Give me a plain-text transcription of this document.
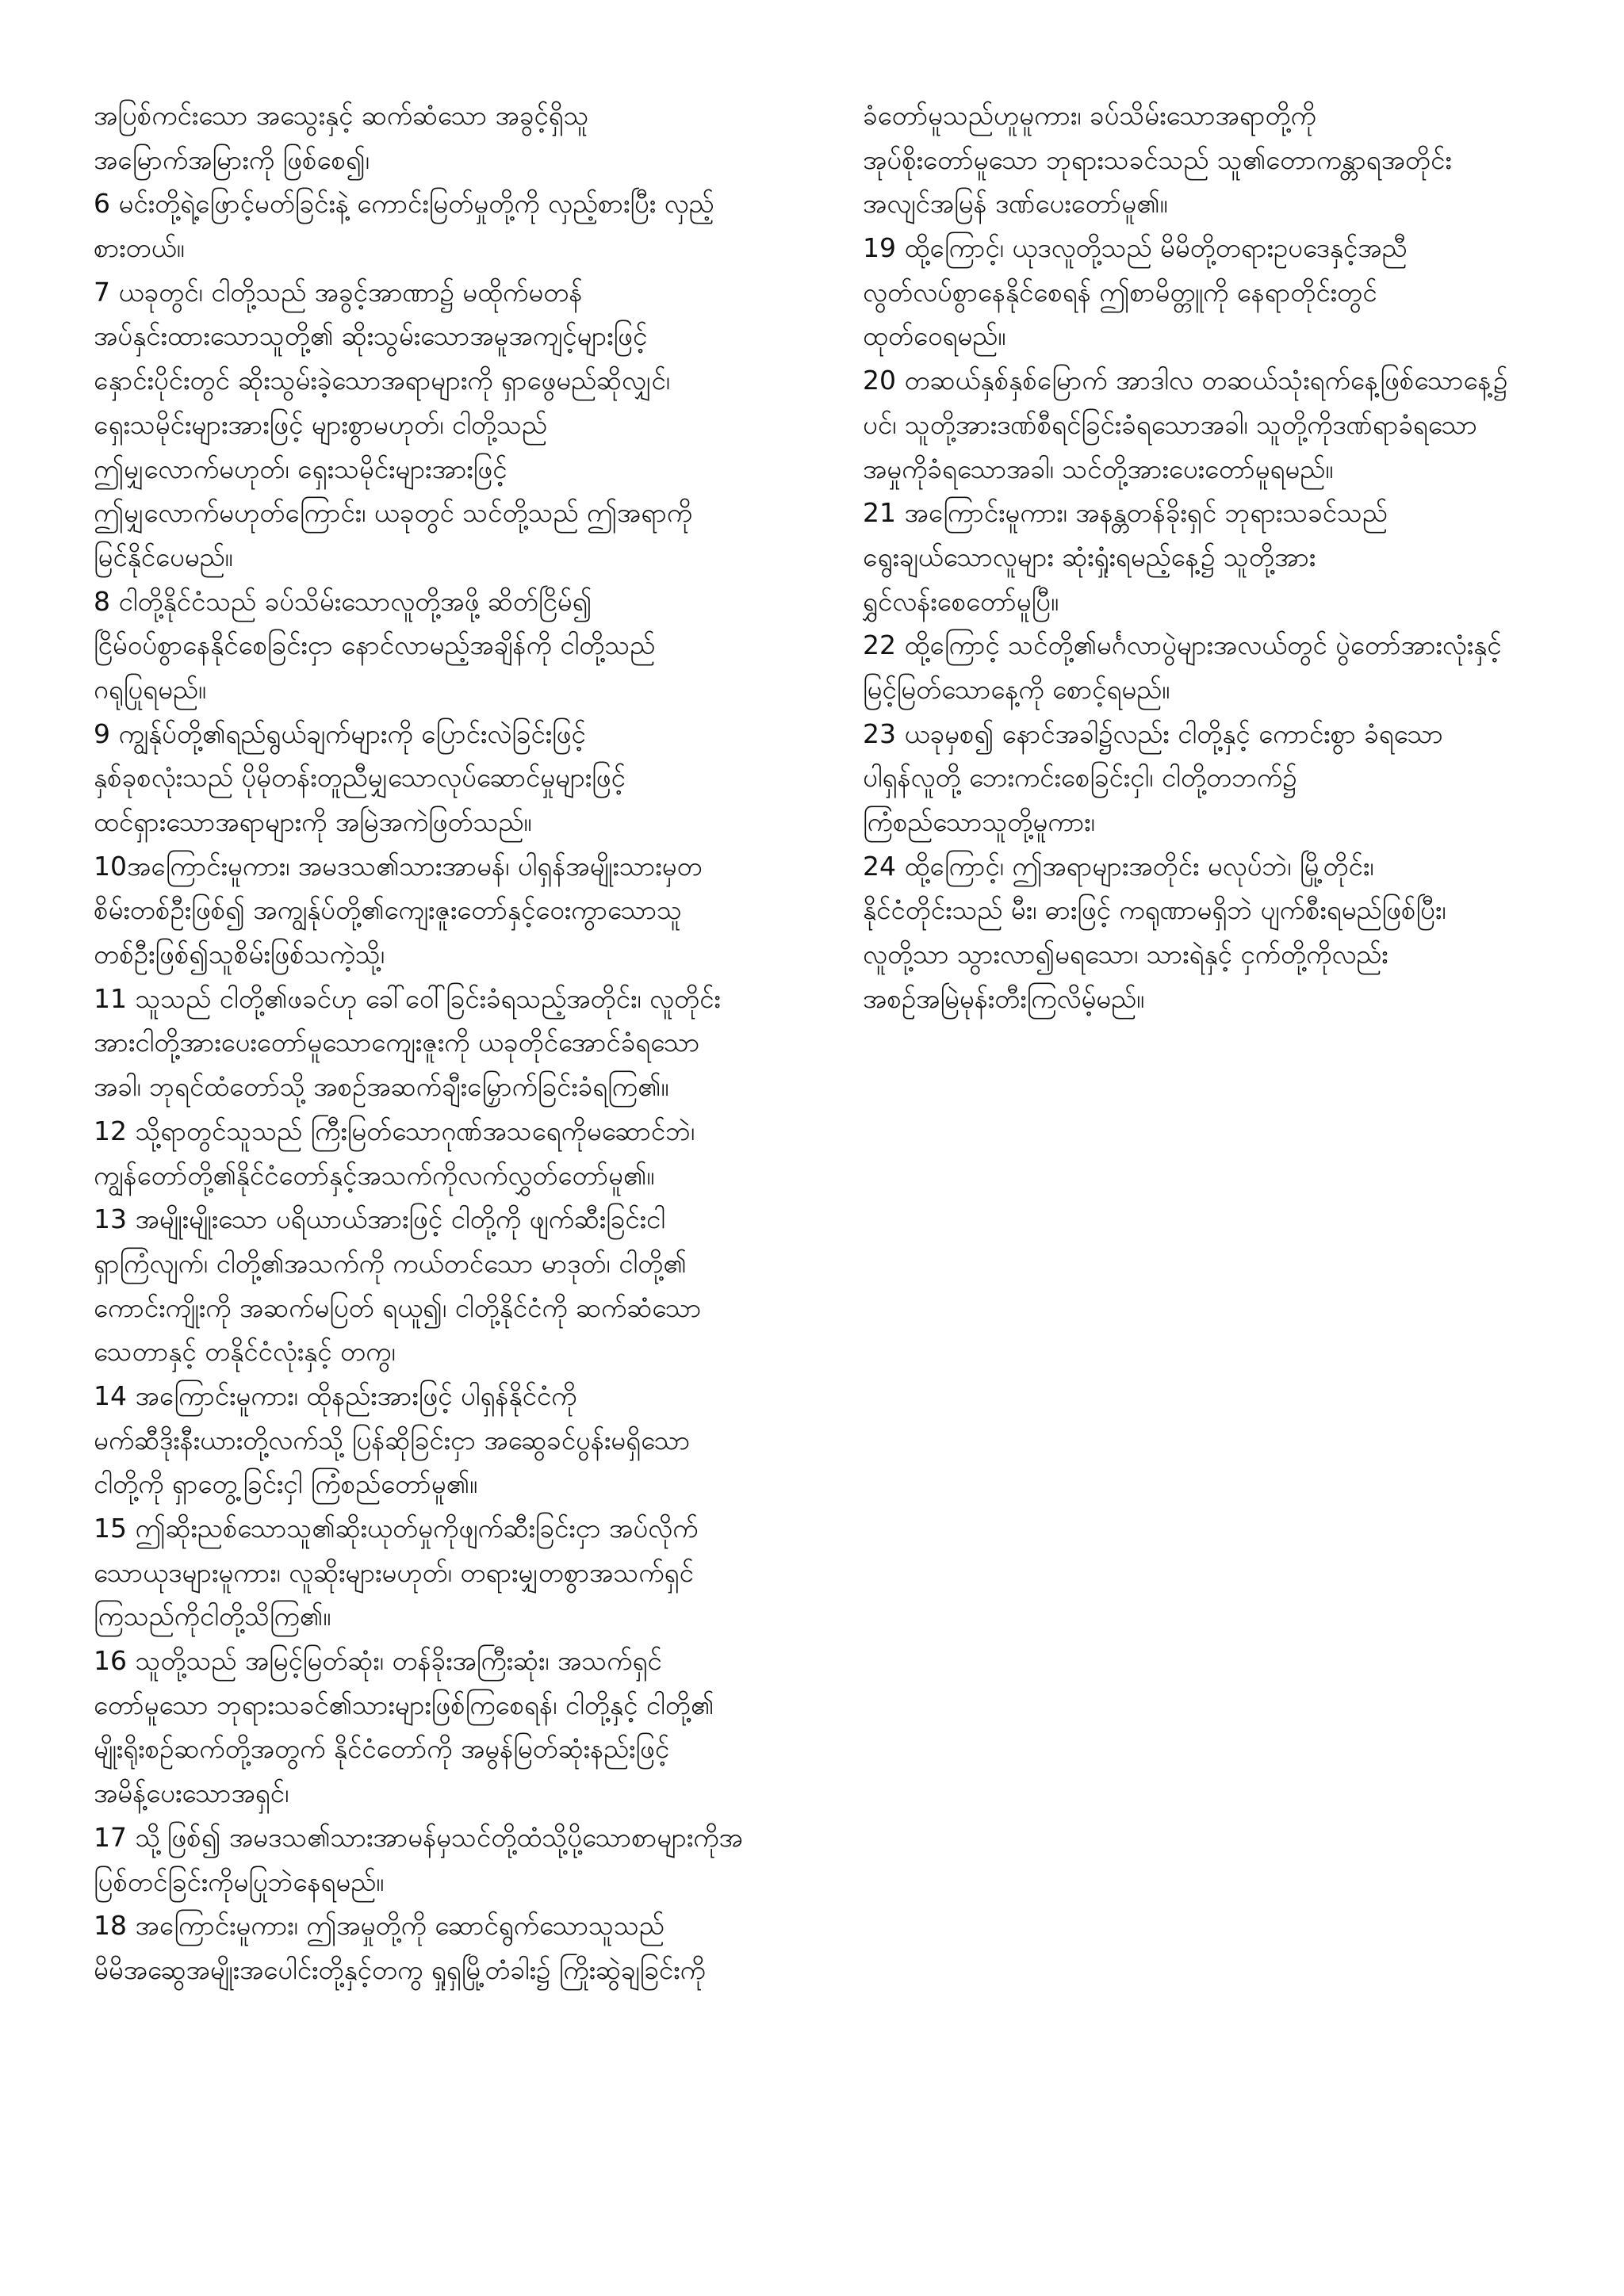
အပြစ်ကင်းသော အသွေးနှင့် ဆက်ဆံသော အခွင့်ရှိသူ
အမြောက်အမြားကို ဖြစ်စေ၍၊
6 မင်းတို့ရဲ့ဖြောင့်မတ်ခြင်းနဲ့ ကောင်းမြတ်မှုတို့ကို လှည့်စားပြီး လှည့်
စားတယ်။
7 ယခုတွင်၊ ငါတို့သည် အခွင့်အာဏာ၌ မထိုက်မတန်
အပ်နှင်းထားသောသူတို့၏ ဆိုးသွမ်းသောအမူအကျင့်များဖြင့်
နှောင်းပိုင်းတွင် ဆိုးသွမ်းခဲ့သောအရာများကို ရှာဖွေမည်ဆိုလျှင်၊
ရှေးသမိုင်းများအားဖြင့် များစွာမဟုတ်၊ ငါတို့သည်
ဤမျှလောက်မဟုတ်၊ ရှေးသမိုင်းများအားဖြင့်
ဤမျှလောက်မဟုတ်ကြောင်း၊ ယခုတွင် သင်တို့သည် ဤအရာကို
မြင်နိုင်ပေမည်။
8 ငါတို့နိုင်ငံသည် ခပ်သိမ်းသောလူတို့အဖို့ ဆိတ်ငြိမ်၍
ငြိမ်ဝပ်စွာနေနိုင်စေခြင်းငှာ နောင်လာမည့်အချိန်ကို ငါတို့သည်
ဂရုပြုရမည်။
9 ကျွန်ုပ်တို့၏ရည်ရွယ်ချက်များကို ပြောင်းလဲခြင်းဖြင့်
နှစ်ခုစလုံးသည် ပိုမိုတန်းတူညီမျှသောလုပ်ဆောင်မှုများဖြင့်
ထင်ရှားသောအရာများကို အမြဲအကဲဖြတ်သည်။
10အကြောင်းမူကား၊ အမဒသ၏သားအာမန်၊ ပါရှန်အမျိုးသားမှတ
စိမ်းတစ်ဦးဖြစ်၍ အကျွန်ုပ်တို့၏ကျေးဇူးတော်နှင့်ဝေးကွာသောသူ
တစ်ဦးဖြစ်၍သူစိမ်းဖြစ်သကဲ့သို့၊
11 သူသည် ငါတို့၏ဖခင်ဟု ခေါ်ဝေါ်ခြင်းခံရသည့်အတိုင်း၊ လူတိုင်း
အားငါတို့အားပေးတော်မူသောကျေးဇူးကို ယခုတိုင်အောင်ခံရသော
အခါ၊ ဘုရင်ထံတော်သို့ အစဉ်အဆက်ချီးမြှောက်ခြင်းခံရကြ၏။
12 သို့ရာတွင်သူသည် ကြီးမြတ်သောဂုဏ်အသရေကိုမဆောင်ဘဲ၊
ကျွန်တော်တို့၏နိုင်ငံတော်နှင့်အသက်ကိုလက်လွှတ်တော်မူ၏။
13 အမျိုးမျိုးသော ပရိယာယ်အားဖြင့် ငါတို့ကို ဖျက်ဆီးခြင်းငါ
ရှာကြံလျက်၊ ငါတို့၏အသက်ကို ကယ်တင်သော မာဒုတ်၊ ငါတို့၏
ကောင်းကျိုးကို အဆက်မပြတ် ရယူ၍၊ ငါတို့နိုင်ငံကို ဆက်ဆံသော
သေတာနှင့် တနိုင်ငံလုံးနှင့် တကွ၊
14 အကြောင်းမူကား၊ ထိုနည်းအားဖြင့် ပါရှန်နိုင်ငံကို
မက်ဆီဒိုးနီးယားတို့လက်သို့ ပြန်ဆိုခြင်းငှာ အဆွေခင်ပွန်းမရှိသော
ငါတို့ကို ရှာတွေ့ခြင်းငှါ ကြံစည်တော်မူ၏။
15 ဤဆိုးညစ်သောသူ၏ဆိုးယုတ်မှုကိုဖျက်ဆီးခြင်းငှာ အပ်လိုက်
သောယုဒများမူကား၊ လူဆိုးများမဟုတ်၊ တရားမျှတစွာအသက်ရှင်
ကြသည်ကိုငါတို့သိကြ၏။
16 သူတို့သည် အမြင့်မြတ်ဆုံး၊ တန်ခိုးအကြီးဆုံး၊ အသက်ရှင်
တော်မူသော ဘုရားသခင်၏သားများဖြစ်ကြစေရန်၊ ငါတို့နှင့် ငါတို့၏
မျိုးရိုးစဉ်ဆက်တို့အတွက် နိုင်ငံတော်ကို အမွန်မြတ်ဆုံးနည်းဖြင့်
အမိန့်ပေးသောအရှင်၊
17 သို့ဖြစ်၍ အမဒသ၏သားအာမန်မှသင်တို့ထံသို့ပို့သောစာများကိုအ
ပြစ်တင်ခြင်းကိုမပြုဘဲနေရမည်။
18 အကြောင်းမူကား၊ ဤအမှုတို့ကို ဆောင်ရွက်သောသူသည်
မိမိအဆွေအမျိုးအပေါင်းတို့နှင့်တကွ ရှုရှမြို့တံခါး၌ ကြိုးဆွဲချခြင်းကို
ခံတော်မူသည်ဟူမူကား၊ ခပ်သိမ်းသောအရာတို့ကို
အုပ်စိုးတော်မူသော ဘုရားသခင်သည် သူ၏တောကန္တာရအတိုင်း
အလျင်အမြန် ဒဏ်ပေးတော်မူ၏။
19 ထို့ကြောင့်၊ ယုဒလူတို့သည် မိမိတို့တရားဥပဒေနှင့်အညီ
လွတ်လပ်စွာနေနိုင်စေရန် ဤစာမိတ္တူကို နေရာတိုင်းတွင်
ထုတ်ဝေရမည်။
20 တဆယ်နှစ်နှစ်မြောက် အာဒါလ တဆယ်သုံးရက်နေ့ဖြစ်သောနေ့၌
ပင်၊ သူတို့အားဒဏ်စီရင်ခြင်းခံရသောအခါ၊ သူတို့ကိုဒဏ်ရာခံရသော
အမှုကိုခံရသောအခါ၊ သင်တို့အားပေးတော်မူရမည်။
21 အကြောင်းမူကား၊ အနန္တတန်ခိုးရှင် ဘုရားသခင်သည်
ရွေးချယ်သောလူများ ဆုံးရှုံးရမည့်နေ့၌ သူတို့အား
ရွှင်လန်းစေတော်မူပြီ။
22 ထို့ကြောင့် သင်တို့၏မင်္ဂလာပွဲများအလယ်တွင် ပွဲတော်အားလုံးနှင့်
မြင့်မြတ်သောနေ့ကို စောင့်ရမည်။
23 ယခုမှစ၍ နောင်အခါ၌လည်း ငါတို့နှင့် ကောင်းစွာ ခံရသော
ပါရှန်လူတို့ ဘေးကင်းစေခြင်းငှါ၊ ငါတို့တဘက်၌
ကြံစည်သောသူတို့မူကား၊
24 ထို့ကြောင့်၊ ဤအရာများအတိုင်း မလုပ်ဘဲ၊ မြို့တိုင်း၊
နိုင်ငံတိုင်းသည် မီး၊ ဓားဖြင့် ကရုဏာမရှိဘဲ ပျက်စီးရမည်ဖြစ်ပြီး၊
လူတို့သာ သွားလာ၍မရသော၊ သားရဲနှင့် ငှက်တို့ကိုလည်း
အစဉ်အမြဲမုန်းတီးကြလိမ့်မည်။
